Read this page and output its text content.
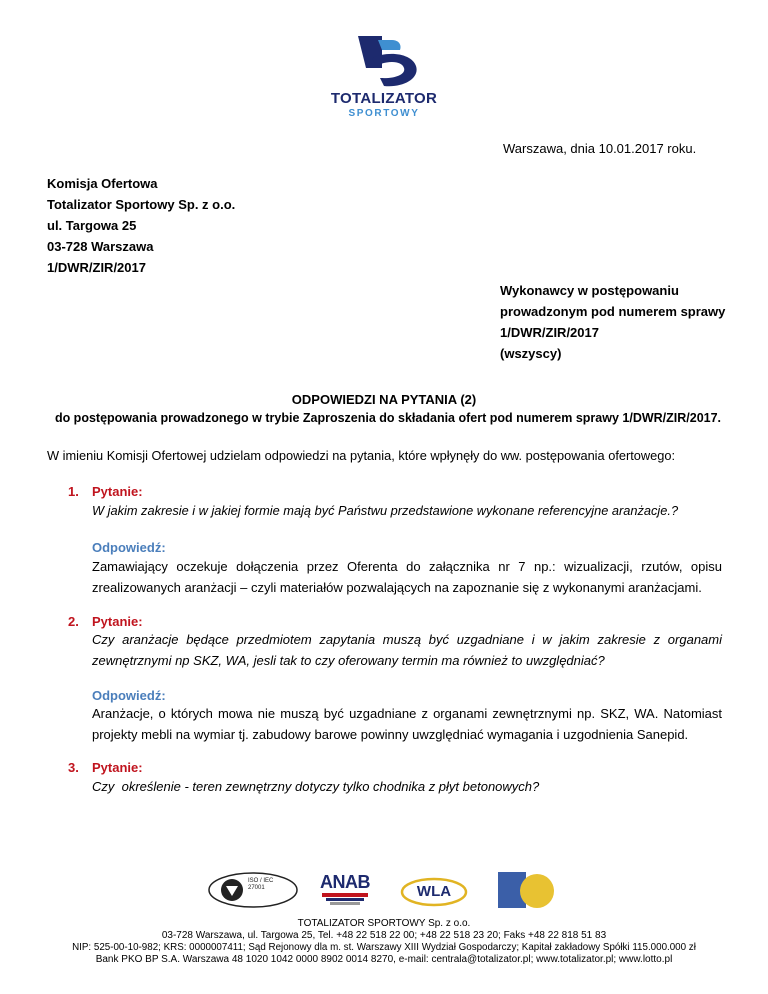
TOTALIZATOR
SPORTOWY
Warszawa, dnia 10.01.2017 roku.
Komisja Ofertowa
Totalizator Sportowy Sp. z o.o.
ul. Targowa 25
03-728 Warszawa
1/DWR/ZIR/2017
Wykonawcy w postępowaniu
prowadzonym pod numerem sprawy
1/DWR/ZIR/2017
(wszyscy)
ODPOWIEDZI NA PYTANIA (2)
do postępowania prowadzonego w trybie Zaproszenia do składania ofert pod numerem sprawy 1/DWR/ZIR/2017.
W imieniu Komisji Ofertowej udzielam odpowiedzi na pytania, które wpłynęły do ww. postępowania ofertowego:
1. Pytanie:
W jakim zakresie i w jakiej formie mają być Państwu przedstawione wykonane referencyjne aranżacje.?
Odpowiedź:
Zamawiający oczekuje dołączenia przez Oferenta do załącznika nr 7 np.: wizualizacji, rzutów, opisu zrealizowanych aranżacji – czyli materiałów pozwalających na zapoznanie się z wykonanymi aranżacjami.
2. Pytanie:
Czy aranżacje będące przedmiotem zapytania muszą być uzgadniane i w jakim zakresie z organami zewnętrznymi np SKZ, WA, jesli tak to czy oferowany termin ma również to uwzględniać?
Odpowiedź:
Aranżacje, o których mowa nie muszą być uzgadniane z organami zewnętrznymi np. SKZ, WA. Natomiast projekty mebli na wymiar tj. zabudowy barowe powinny uwzględniać wymagania i uzgodnienia Sanepid.
3. Pytanie:
Czy  określenie - teren zewnętrzny dotyczy tylko chodnika z płyt betonowych?
ISO / IEC
27001	ANAB	WLA
TOTALIZATOR SPORTOWY Sp. z o.o.
03-728 Warszawa, ul. Targowa 25, Tel. +48 22 518 22 00; +48 22 518 23 20; Faks +48 22 818 51 83
NIP: 525-00-10-982; KRS: 0000007411; Sąd Rejonowy dla m. st. Warszawy XIII Wydział Gospodarczy; Kapitał zakładowy Spółki 115.000.000 zł
Bank PKO BP S.A. Warszawa 48 1020 1042 0000 8902 0014 8270, e-mail: centrala@totalizator.pl; www.totalizator.pl; www.lotto.pl
